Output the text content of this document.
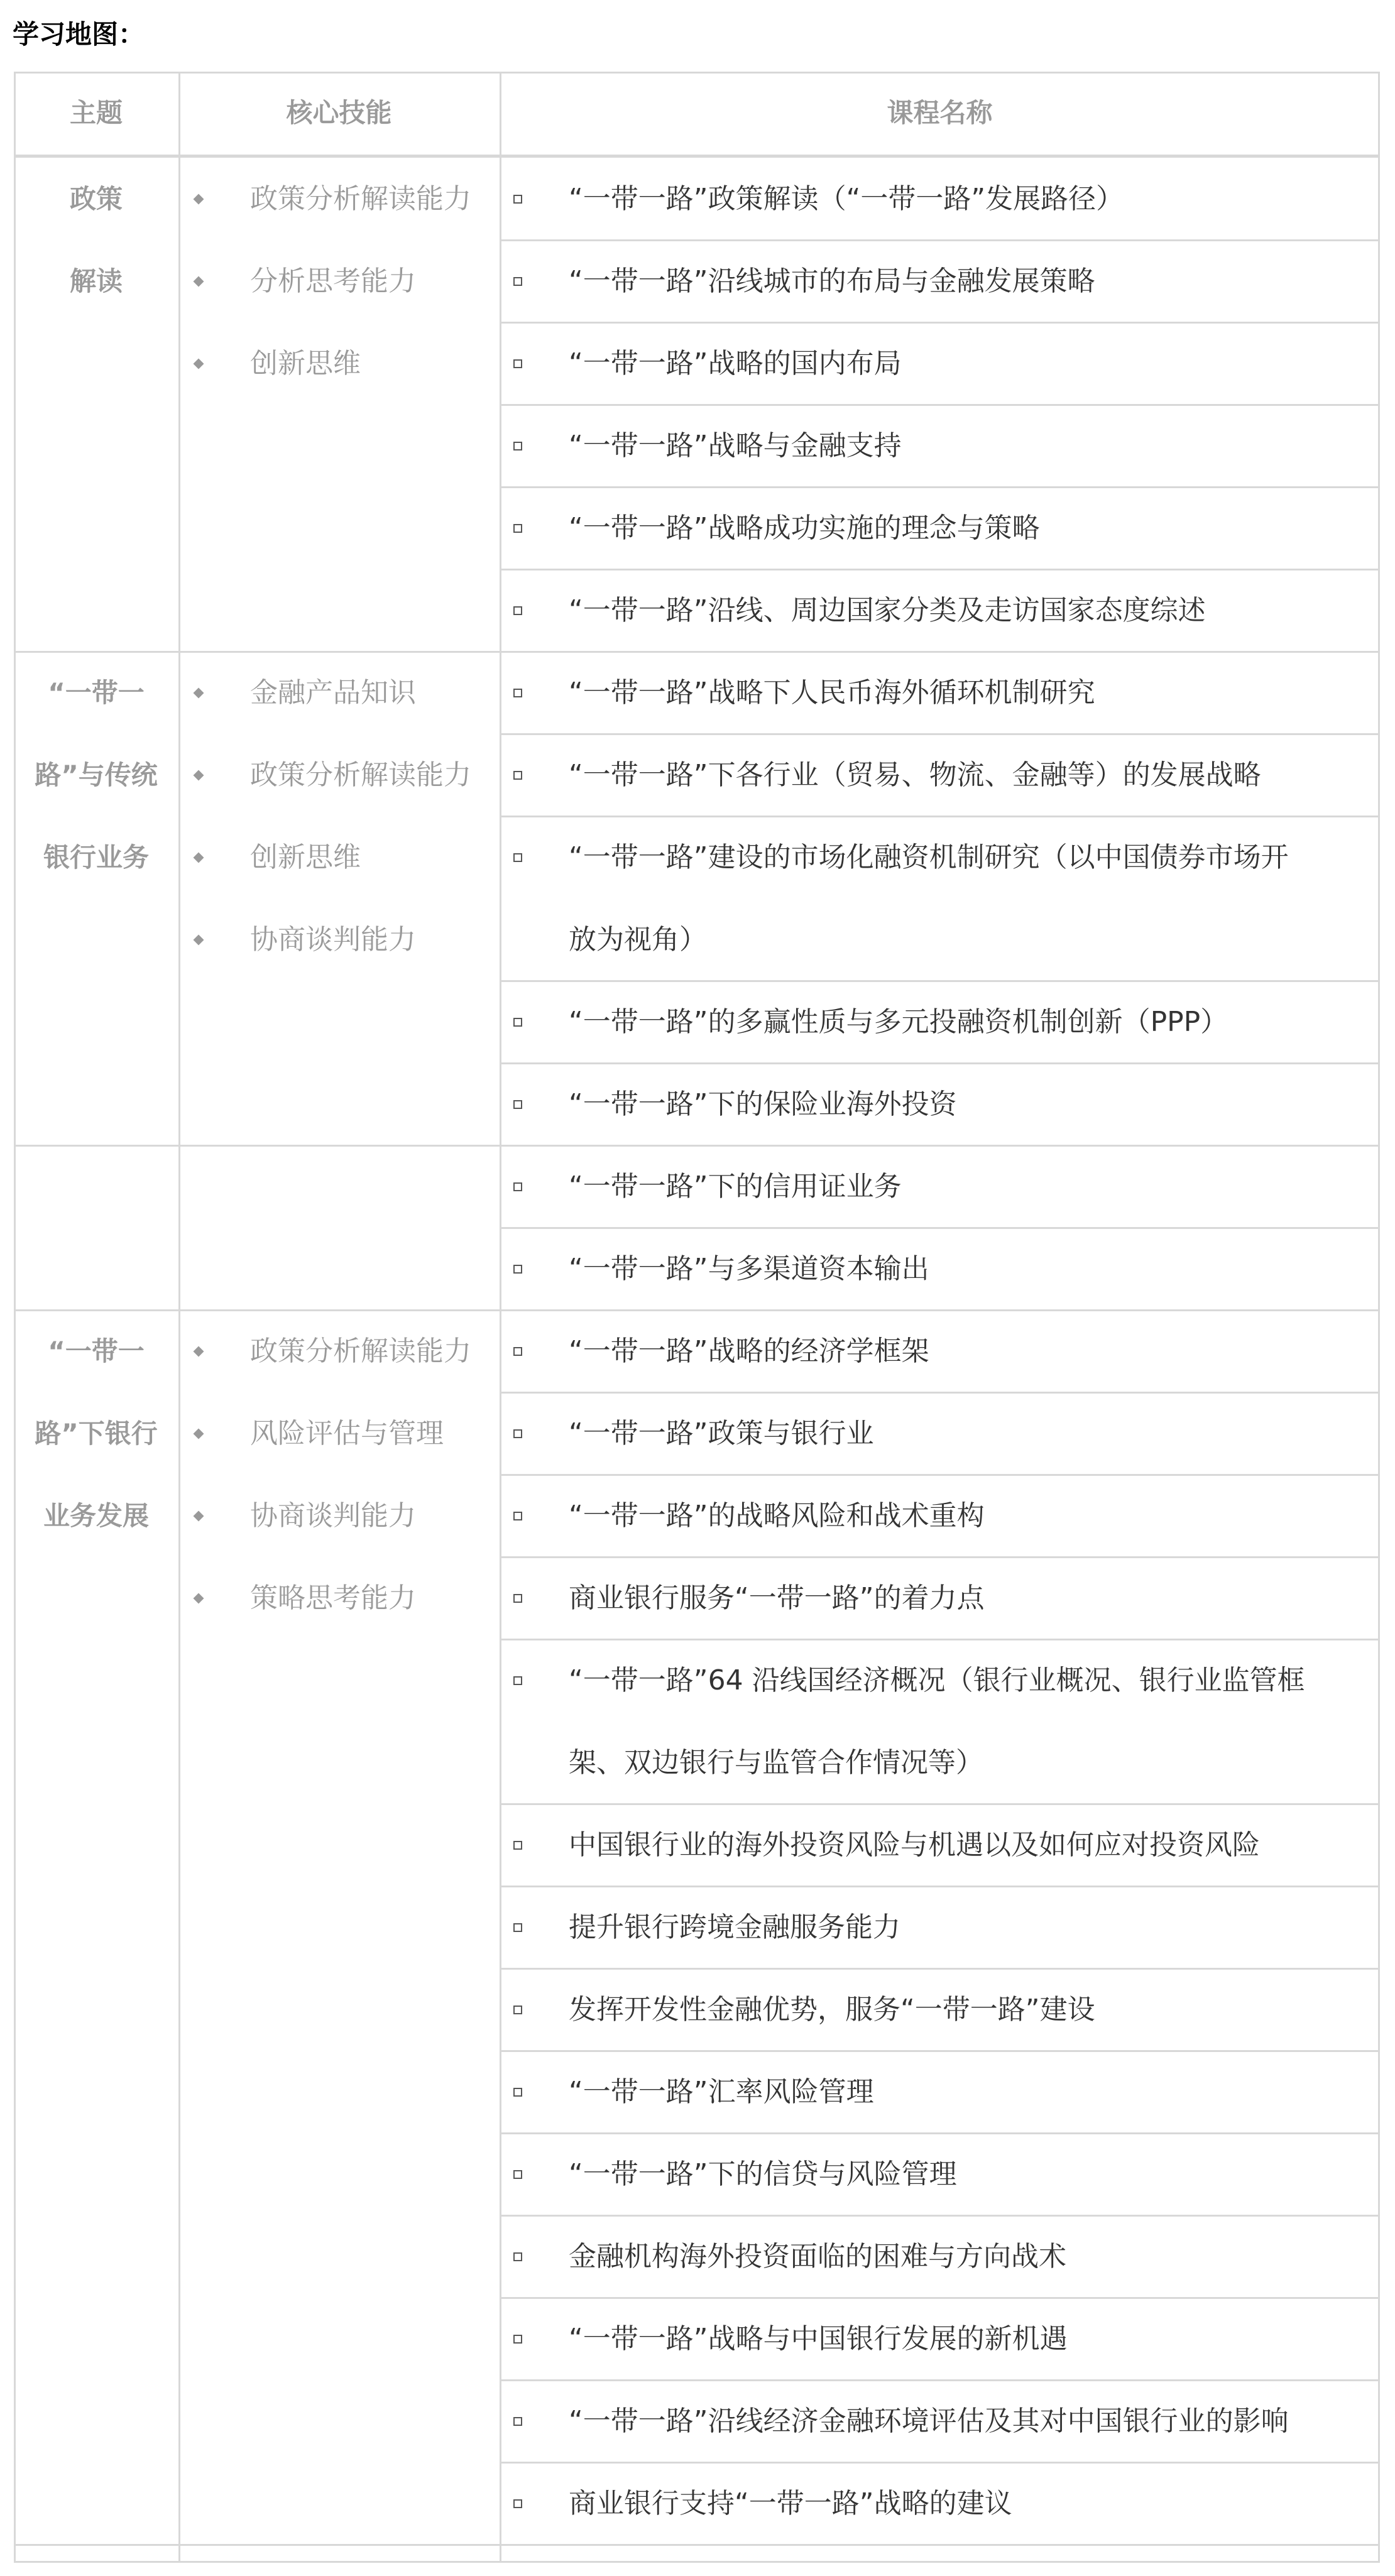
学习地图：
主题	核心技能	课程名称
“一带一路”政策解读（“一带一路”发展路径）
“一带一路”沿线城市的布局与金融发展策略
“一带一路”战略的国内布局
“一带一路”战略与金融支持
“一带一路”战略成功实施的理念与策略
“一带一路”沿线、周边国家分类及走访国家态度综述
政策
解读
政策分析解读能力
分析思考能力
创新思维
“一带一路”战略下人民币海外循环机制研究
“一带一路”下各行业（贸易、物流、金融等）的发展战略
“一带一路”建设的市场化融资机制研究（以中国债券市场开
放为视角）
“一带一路”的多赢性质与多元投融资机制创新（PPP）
“一带一路”下的保险业海外投资
“一带一
路”与传统
银行业务
金融产品知识
政策分析解读能力
创新思维
协商谈判能力
“一带一路”下的信用证业务
“一带一路”与多渠道资本输出
“一带一路”战略的经济学框架
“一带一路”政策与银行业
“一带一路”的战略风险和战术重构
商业银行服务“一带一路”的着力点
“一带一路”64 沿线国经济概况（银行业概况、银行业监管框
架、双边银行与监管合作情况等）
中国银行业的海外投资风险与机遇以及如何应对投资风险
提升银行跨境金融服务能力
发挥开发性金融优势，服务“一带一路”建设
“一带一路”汇率风险管理
“一带一路”下的信贷与风险管理
金融机构海外投资面临的困难与方向战术
“一带一路”战略与中国银行发展的新机遇
“一带一路”沿线经济金融环境评估及其对中国银行业的影响
商业银行支持“一带一路”战略的建议
“一带一
路”下银行
业务发展
政策分析解读能力
风险评估与管理
协商谈判能力
策略思考能力
